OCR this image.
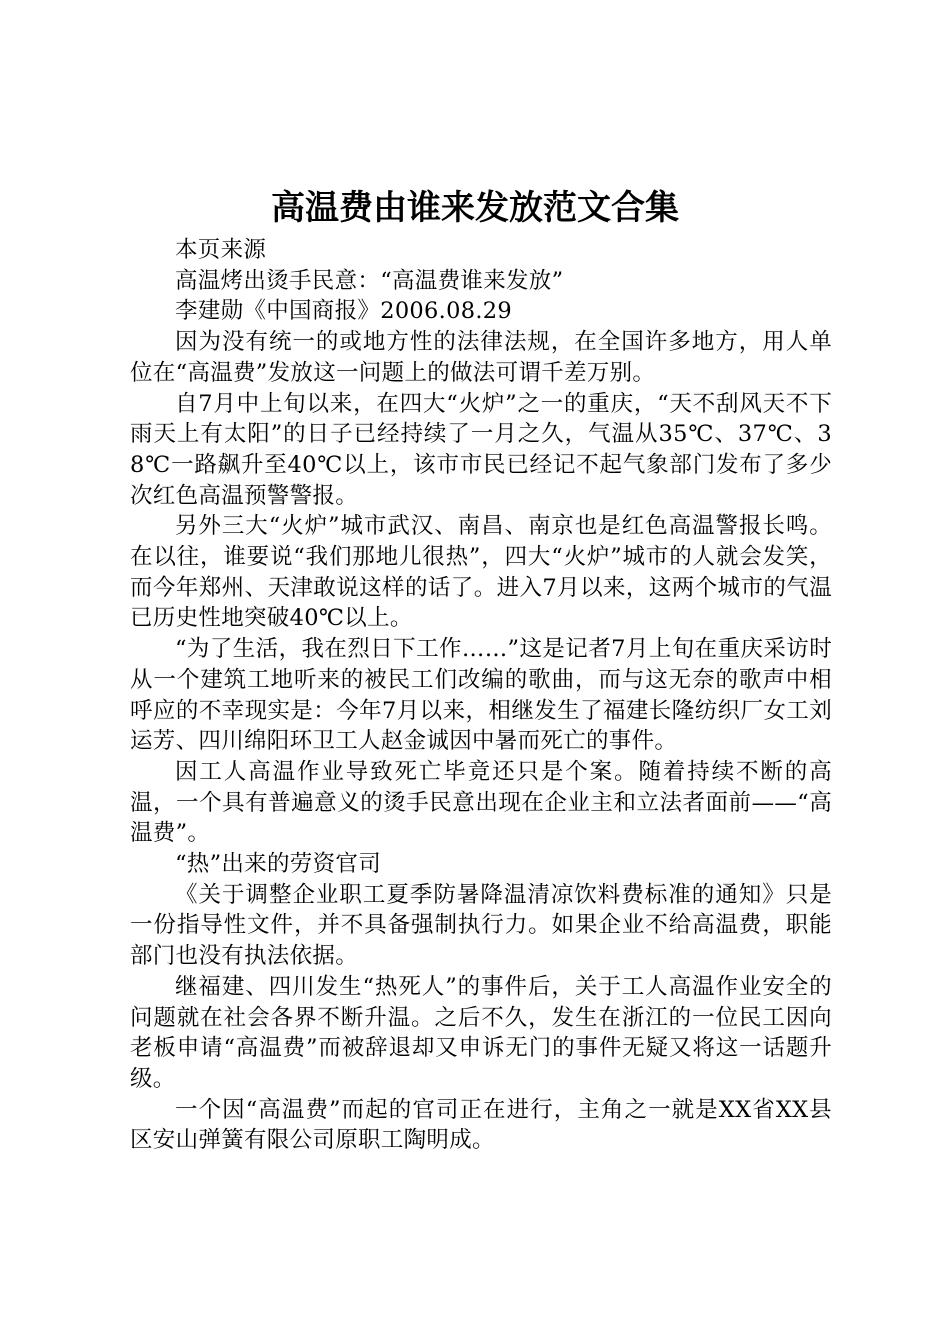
高温费由谁来发放范文合集

本页来源

高温烤出烫手民意：“高温费谁来发放”

李建勋《中国商报》2006.08.29

因为没有统一的或地方性的法律法规，在全国许多地方，用人单位在“高温费”发放这一问题上的做法可谓千差万别。

自7月中上旬以来，在四大“火炉”之一的重庆，“天不刮风天不下雨天上有太阳”的日子已经持续了一月之久，气温从35℃、37℃、38℃一路飙升至40℃以上，该市市民已经记不起气象部门发布了多少次红色高温预警警报。

另外三大“火炉”城市武汉、南昌、南京也是红色高温警报长鸣。在以往，谁要说“我们那地儿很热”，四大“火炉”城市的人就会发笑，而今年郑州、天津敢说这样的话了。进入7月以来，这两个城市的气温已历史性地突破40℃以上。

“为了生活，我在烈日下工作……”这是记者7月上旬在重庆采访时从一个建筑工地听来的被民工们改编的歌曲，而与这无奈的歌声中相呼应的不幸现实是：今年7月以来，相继发生了福建长隆纺织厂女工刘运芳、四川绵阳环卫工人赵金诚因中暑而死亡的事件。

因工人高温作业导致死亡毕竟还只是个案。随着持续不断的高温，一个具有普遍意义的烫手民意出现在企业主和立法者面前——“高温费”。

“热”出来的劳资官司

《关于调整企业职工夏季防暑降温清凉饮料费标准的通知》只是一份指导性文件，并不具备强制执行力。如果企业不给高温费，职能部门也没有执法依据。

继福建、四川发生“热死人”的事件后，关于工人高温作业安全的问题就在社会各界不断升温。之后不久，发生在浙江的一位民工因向老板申请“高温费”而被辞退却又申诉无门的事件无疑又将这一话题升级。

一个因“高温费”而起的官司正在进行，主角之一就是XX省XX县区安山弹簧有限公司原职工陶明成。
